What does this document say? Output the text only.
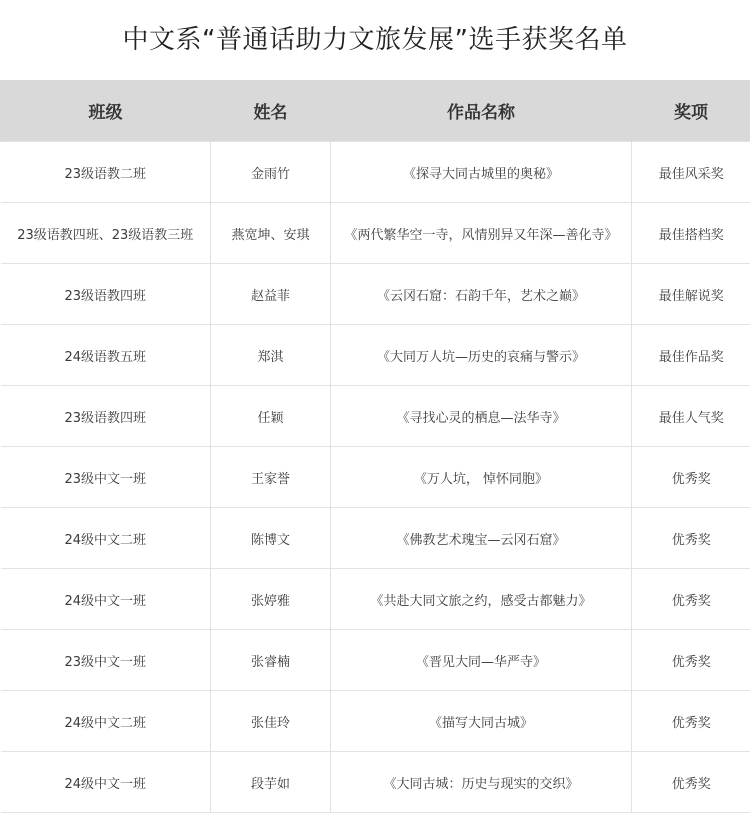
中文系“普通话助力文旅发展”选手获奖名单
班级	姓名	作品名称	奖项
23级语教二班	金雨竹	《探寻大同古城里的奥秘》	最佳风采奖
23级语教四班、23级语教三班	燕宽坤、安琪	《两代繁华空一寺，风情别异又年深—善化寺》	最佳搭档奖
23级语教四班	赵益菲	《云冈石窟：石韵千年，艺术之巅》	最佳解说奖
24级语教五班	郑淇	《大同万人坑—历史的哀痛与警示》	最佳作品奖
23级语教四班	任颖	《寻找心灵的栖息—法华寺》	最佳人气奖
23级中文一班	王家誉	《万人坑， 悼怀同胞》	优秀奖
24级中文二班	陈博文	《佛教艺术瑰宝—云冈石窟》	优秀奖
24级中文一班	张婷雅	《共赴大同文旅之约，感受古都魅力》	优秀奖
23级中文一班	张睿楠	《晋见大同—华严寺》	优秀奖
24级中文二班	张佳玲	《描写大同古城》	优秀奖
24级中文一班	段芋如	《大同古城：历史与现实的交织》	优秀奖
